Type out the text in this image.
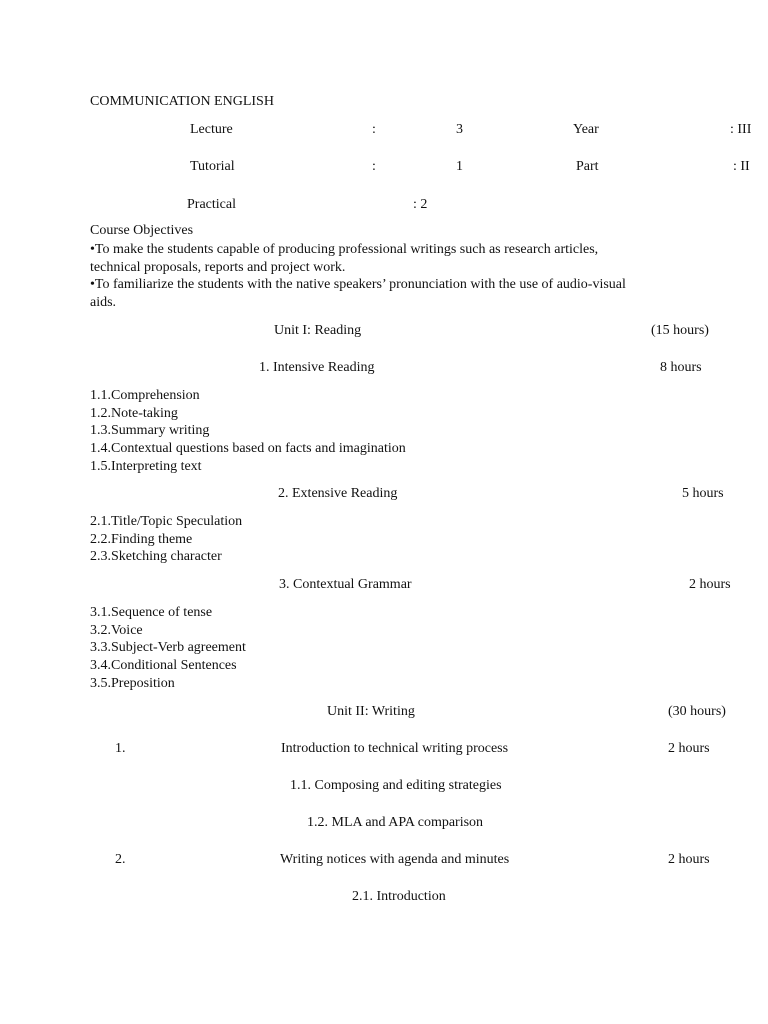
COMMUNICATION ENGLISH
Lecture	:	3	Year	: III
Tutorial	:	1	Part	: II
Practical	: 2
Course Objectives
•To make the students capable of producing professional writings such as research articles,
technical proposals, reports and project work.
•To familiarize the students with the native speakers’ pronunciation with the use of audio-visual
aids.
Unit I: Reading	(15 hours)
1. Intensive Reading	8 hours
1.1.Comprehension
1.2.Note-taking
1.3.Summary writing
1.4.Contextual questions based on facts and imagination
1.5.Interpreting text
2. Extensive Reading	5 hours
2.1.Title/Topic Speculation
2.2.Finding theme
2.3.Sketching character
3. Contextual Grammar	2 hours
3.1.Sequence of tense
3.2.Voice
3.3.Subject-Verb agreement
3.4.Conditional Sentences
3.5.Preposition
Unit II: Writing	(30 hours)
1.	Introduction to technical writing process	2 hours
1.1. Composing and editing strategies
1.2. MLA and APA comparison
2.	Writing notices with agenda and minutes	2 hours
2.1. Introduction
